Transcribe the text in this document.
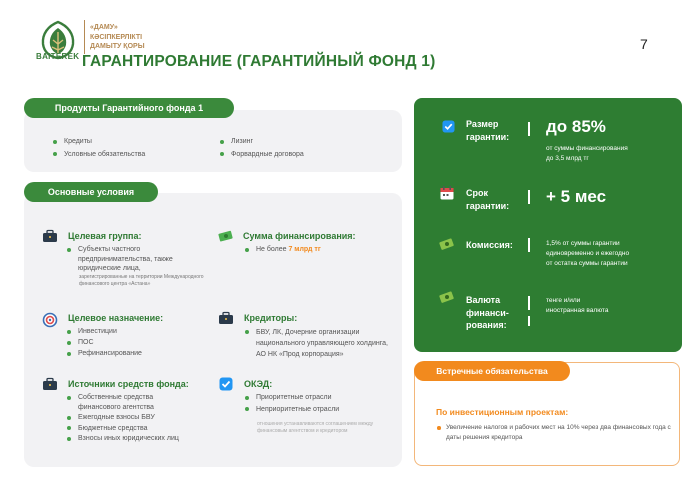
BAITEREK
«ДАМУ»
КӘСІПКЕРЛІКТІ
ДАМЫТУ ҚОРЫ
ГАРАНТИРОВАНИЕ (ГАРАНТИЙНЫЙ ФОНД 1)
7
Продукты Гарантийного фонда 1
Кредиты
Условные обязательства
Лизинг
Форвардные договора
Основные условия
Целевая группа:
Субъекты частного предпринимательства, также юридические лица,
зарегистрированные на территории Международного финансового центра «Астана»
Сумма финансирования:
Не более 7 млрд тг
Целевое назначение:
Инвестиции
ПОС
Рефинансирование
Кредиторы:
БВУ, ЛК, Дочерние организации национального управляющего холдинга, АО НК «Прод корпорация»
Источники средств фонда:
Собственные средства финансового агентства
Ежегодные взносы БВУ
Бюджетные средства
Взносы иных юридических лиц
ОКЭД:
Приоритетные отрасли
Неприоритетные отрасли
отношения устанавливаются соглашением между финансовым агентством и кредитором
Размер
гарантии:
до 85%
от суммы финансирования
до 3,5 млрд тг
Срок
гарантии: + 5 мес
Комиссия:	1,5% от суммы гарантии
единовременно и ежегодно
от остатка суммы гарантии
Валюта
финанси-
рования:
тенге и/или
иностранная валюта
Встречные обязательства
По инвестиционным проектам:
Увеличение налогов и рабочих мест на 10% через два финансовых года с даты решения кредитора
